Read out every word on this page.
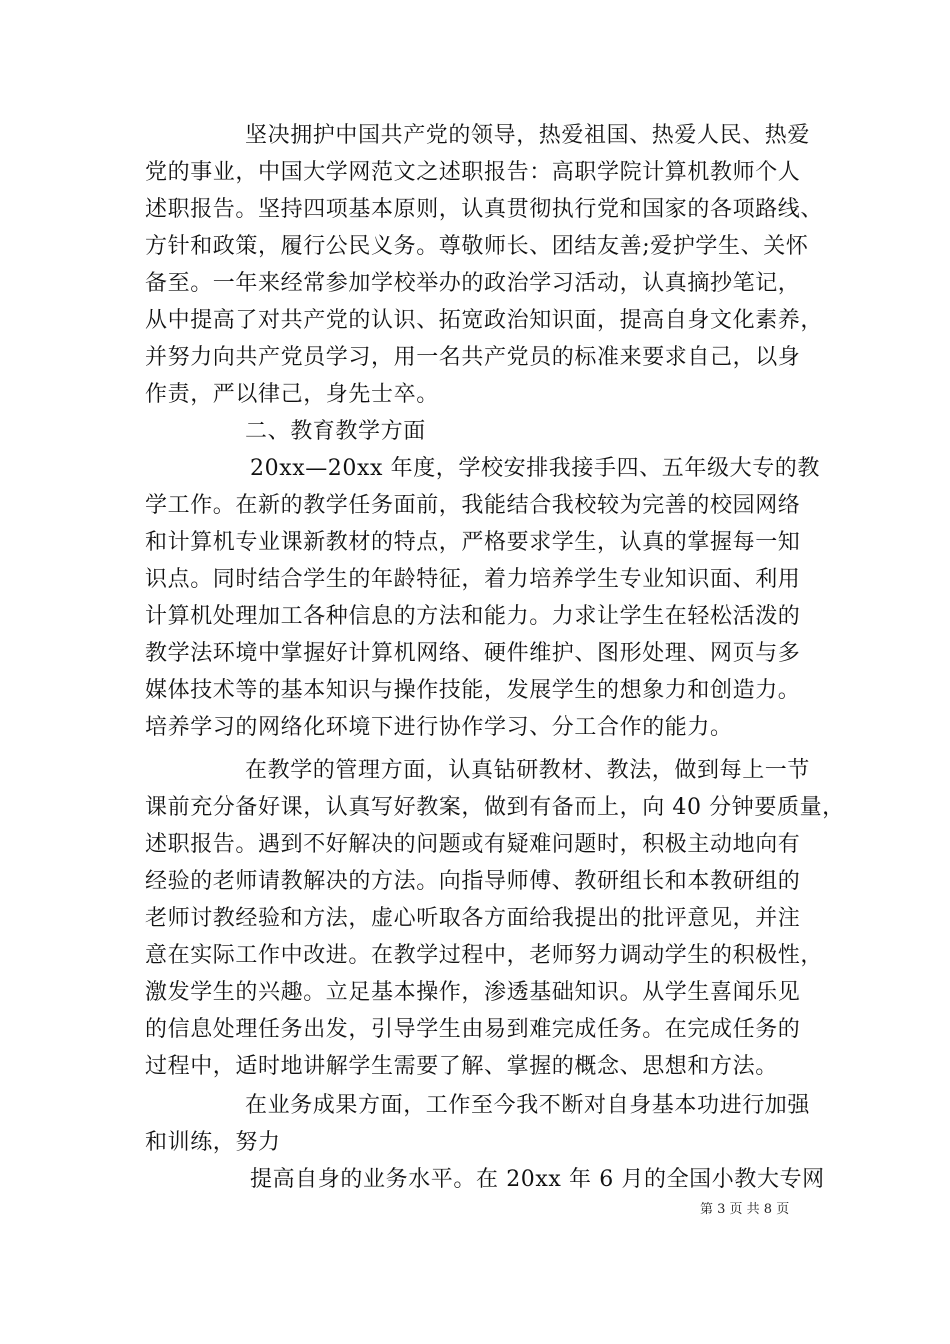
坚决拥护中国共产党的领导，热爱祖国、热爱人民、热爱
党的事业，中国大学网范文之述职报告：高职学院计算机教师个人
述职报告。坚持四项基本原则，认真贯彻执行党和国家的各项路线、
方针和政策，履行公民义务。尊敬师长、团结友善;爱护学生、关怀
备至。一年来经常参加学校举办的政治学习活动，认真摘抄笔记，
从中提高了对共产党的认识、拓宽政治知识面，提高自身文化素养，
并努力向共产党员学习，用一名共产党员的标准来要求自己，以身
作责，严以律己，身先士卒。
二、教育教学方面
20xx—20xx 年度，学校安排我接手四、五年级大专的教
学工作。在新的教学任务面前，我能结合我校较为完善的校园网络
和计算机专业课新教材的特点，严格要求学生，认真的掌握每一知
识点。同时结合学生的年龄特征，着力培养学生专业知识面、利用
计算机处理加工各种信息的方法和能力。力求让学生在轻松活泼的
教学法环境中掌握好计算机网络、硬件维护、图形处理、网页与多
媒体技术等的基本知识与操作技能，发展学生的想象力和创造力。
培养学习的网络化环境下进行协作学习、分工合作的能力。
在教学的管理方面，认真钻研教材、教法，做到每上一节
课前充分备好课，认真写好教案，做到有备而上，向 40 分钟要质量，
述职报告。遇到不好解决的问题或有疑难问题时，积极主动地向有
经验的老师请教解决的方法。向指导师傅、教研组长和本教研组的
老师讨教经验和方法，虚心听取各方面给我提出的批评意见，并注
意在实际工作中改进。在教学过程中，老师努力调动学生的积极性，
激发学生的兴趣。立足基本操作，渗透基础知识。从学生喜闻乐见
的信息处理任务出发，引导学生由易到难完成任务。在完成任务的
过程中，适时地讲解学生需要了解、掌握的概念、思想和方法。
在业务成果方面，工作至今我不断对自身基本功进行加强
和训练，努力
提高自身的业务水平。在 20xx 年 6 月的全国小教大专网
第 3 页 共 8 页
